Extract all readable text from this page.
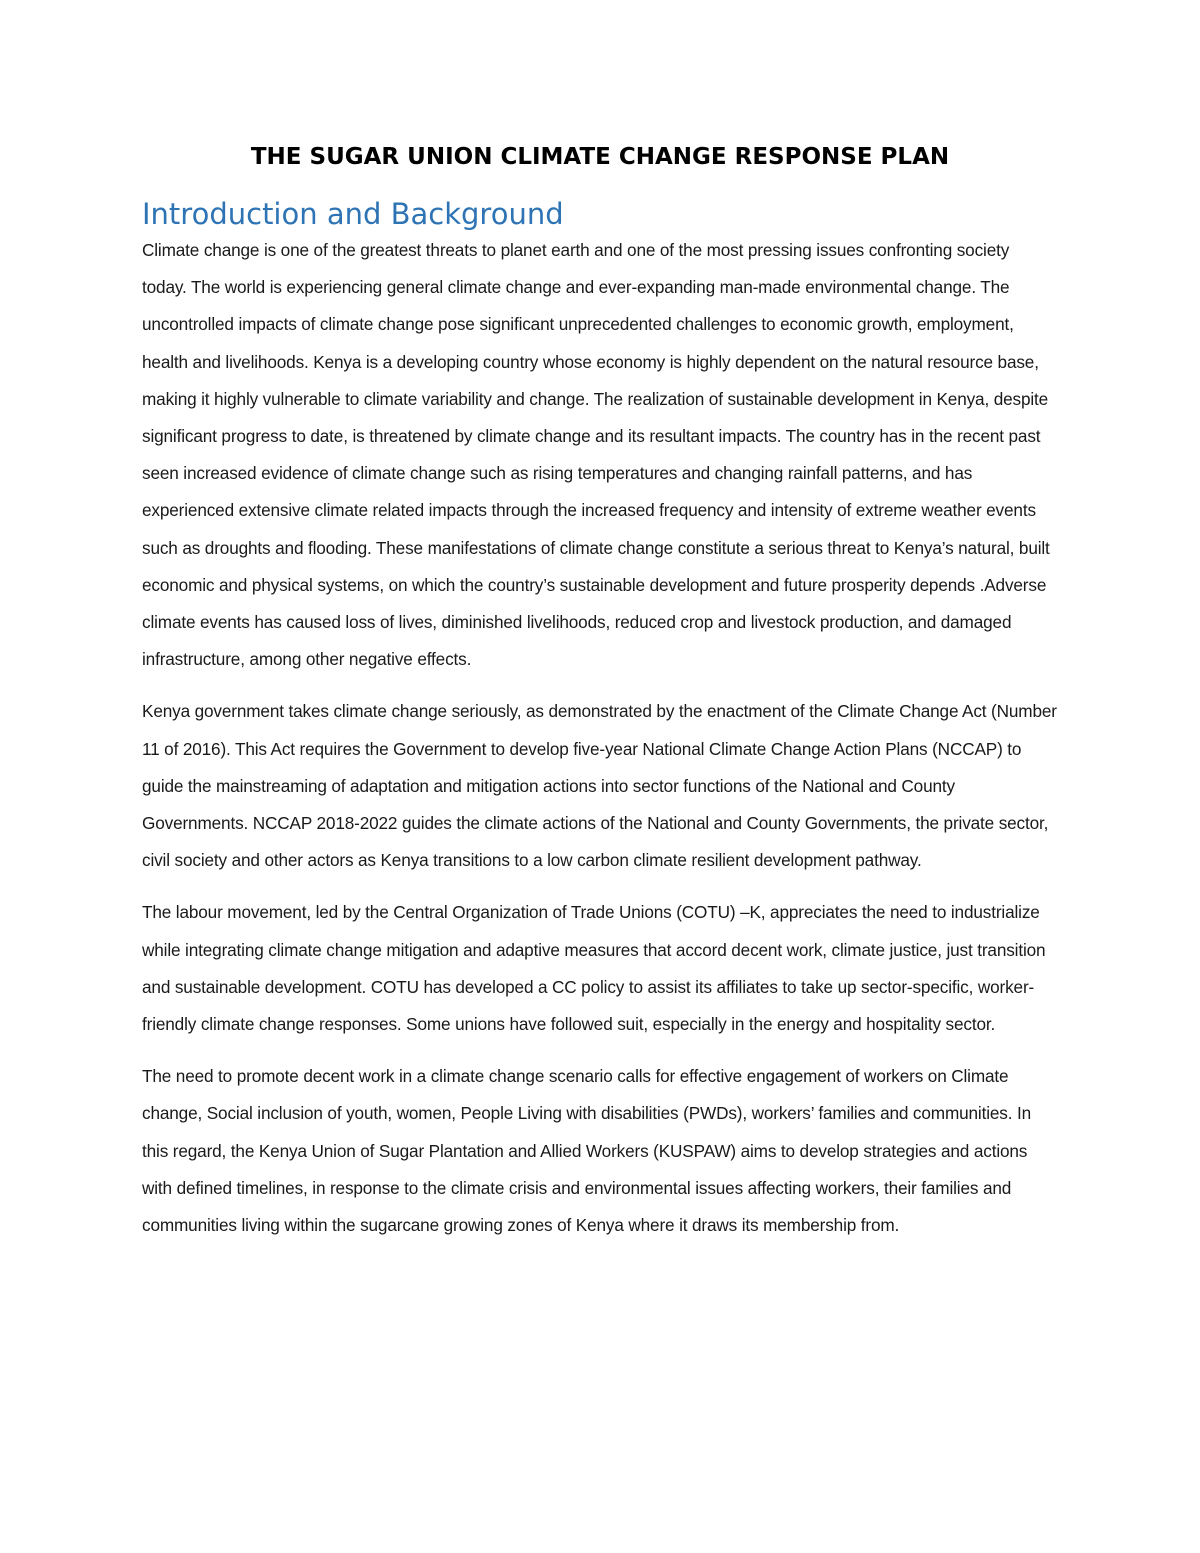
THE SUGAR UNION CLIMATE CHANGE RESPONSE PLAN
Introduction and Background

Climate change is one of the greatest threats to planet earth and one of the most pressing issues confronting society today. The world is experiencing general climate change and ever-expanding man-made environmental change. The uncontrolled impacts of climate change pose significant unprecedented challenges to economic growth, employment, health and livelihoods. Kenya is a developing country whose economy is highly dependent on the natural resource base, making it highly vulnerable to climate variability and change. The realization of sustainable development in Kenya, despite significant progress to date, is threatened by climate change and its resultant impacts. The country has in the recent past seen increased evidence of climate change such as rising temperatures and changing rainfall patterns, and has experienced extensive climate related impacts through the increased frequency and intensity of extreme weather events such as droughts and flooding. These manifestations of climate change constitute a serious threat to Kenya’s natural, built economic and physical systems, on which the country’s sustainable development and future prosperity depends .Adverse climate events has caused loss of lives, diminished livelihoods, reduced crop and livestock production, and damaged infrastructure, among other negative effects.

Kenya government takes climate change seriously, as demonstrated by the enactment of the Climate Change Act (Number 11 of 2016). This Act requires the Government to develop five-year National Climate Change Action Plans (NCCAP) to guide the mainstreaming of adaptation and mitigation actions into sector functions of the National and County Governments. NCCAP 2018-2022 guides the climate actions of the National and County Governments, the private sector, civil society and other actors as Kenya transitions to a low carbon climate resilient development pathway.

The labour movement, led by the Central Organization of Trade Unions (COTU) –K, appreciates the need to industrialize while integrating climate change mitigation and adaptive measures that accord decent work, climate justice, just transition and sustainable development. COTU has developed a CC policy to assist its affiliates to take up sector-specific, worker-friendly climate change responses. Some unions have followed suit, especially in the energy and hospitality sector.

The need to promote decent work in a climate change scenario calls for effective engagement of workers on Climate change, Social inclusion of youth, women, People Living with disabilities (PWDs), workers’ families and communities. In this regard, the Kenya Union of Sugar Plantation and Allied Workers (KUSPAW) aims to develop strategies and actions with defined timelines, in response to the climate crisis and environmental issues affecting workers, their families and communities living within the sugarcane growing zones of Kenya where it draws its membership from.
